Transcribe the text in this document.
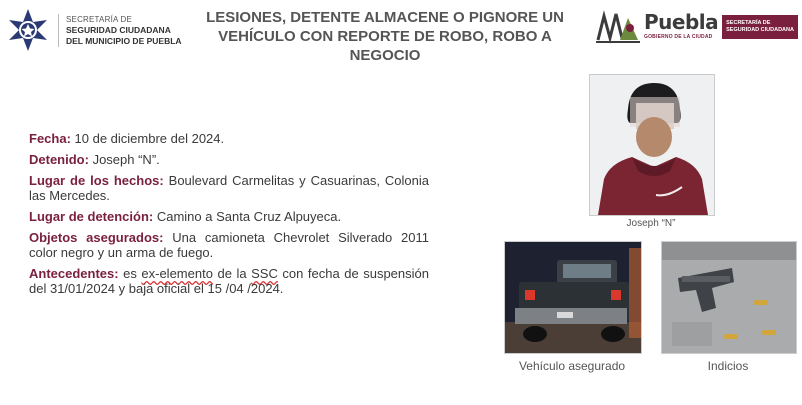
SECRETARÍA DE
SEGURIDAD CIUDADANA
DEL MUNICIPIO DE PUEBLA
LESIONES, DETENTE ALMACENE O PIGNORE UN
VEHÍCULO CON REPORTE DE ROBO, ROBO A
NEGOCIO
Puebla
GOBIERNO DE LA CIUDAD
SECRETARÍA DE
SEGURIDAD CIUDADANA
Fecha: 10 de diciembre del 2024.
Detenido: Joseph “N”.
Lugar de los hechos: Boulevard Carmelitas y Casuarinas, Colonia las Mercedes.
Lugar de detención: Camino a Santa Cruz Alpuyeca.
Objetos asegurados: Una camioneta Chevrolet Silverado 2011 color negro y un arma de fuego.
Antecedentes: es ex-elemento de la SSC con fecha de suspensión del 31/01/2024 y baja oficial el 15 /04 /2024.
Joseph “N”
Vehículo asegurado	Indicios
